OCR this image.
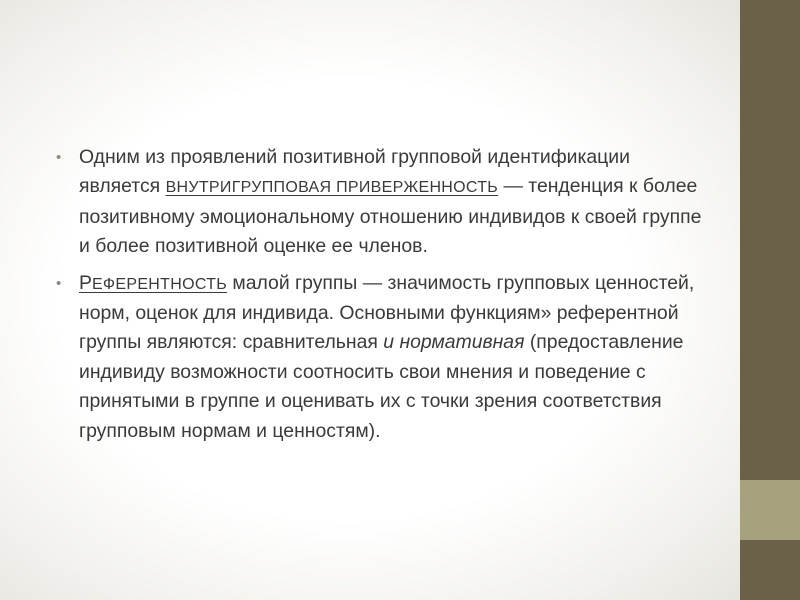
• Одним из проявлений позитивной групповой идентификации является ВНУТРИГРУППОВАЯ ПРИВЕРЖЕННОСТЬ — тенденция к более позитивному эмоциональному отношению индивидов к своей группе и более позитивной оценке ее членов.
• РЕФЕРЕНТНОСТЬ малой группы — значимость групповых ценностей, норм, оценок для индивида. Основными функциям» референтной группы являются: сравнительная и нормативная (предоставление индивиду возможности соотносить свои мнения и поведение с принятыми в группе и оценивать их с точки зрения соответствия групповым нормам и ценностям).
